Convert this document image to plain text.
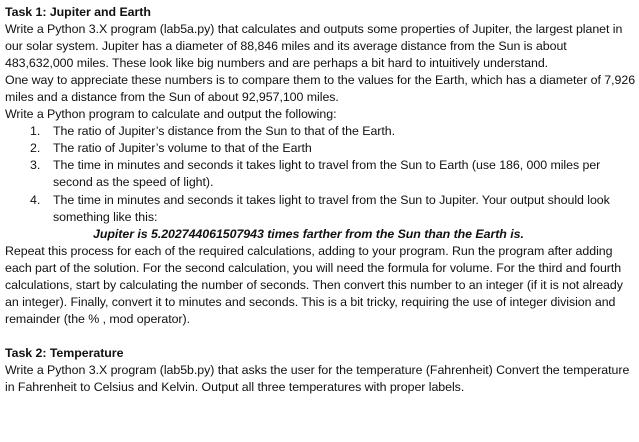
Task 1: Jupiter and Earth

Write a Python 3.X program (lab5a.py) that calculates and outputs some properties of Jupiter, the largest planet in our solar system. Jupiter has a diameter of 88,846 miles and its average distance from the Sun is about 483,632,000 miles. These look like big numbers and are perhaps a bit hard to intuitively understand.

One way to appreciate these numbers is to compare them to the values for the Earth, which has a diameter of 7,926 miles and a distance from the Sun of about 92,957,100 miles.

Write a Python program to calculate and output the following:

1. The ratio of Jupiter’s distance from the Sun to that of the Earth.
2. The ratio of Jupiter’s volume to that of the Earth
3. The time in minutes and seconds it takes light to travel from the Sun to Earth (use 186, 000 miles per second as the speed of light).
4. The time in minutes and seconds it takes light to travel from the Sun to Jupiter. Your output should look something like this:

Jupiter is 5.202744061507943 times farther from the Sun than the Earth is.

Repeat this process for each of the required calculations, adding to your program. Run the program after adding each part of the solution. For the second calculation, you will need the formula for volume. For the third and fourth calculations, start by calculating the number of seconds. Then convert this number to an integer (if it is not already an integer). Finally, convert it to minutes and seconds. This is a bit tricky, requiring the use of integer division and remainder (the % , mod operator).

Task 2: Temperature

Write a Python 3.X program (lab5b.py) that asks the user for the temperature (Fahrenheit) Convert the temperature in Fahrenheit to Celsius and Kelvin. Output all three temperatures with proper labels.
